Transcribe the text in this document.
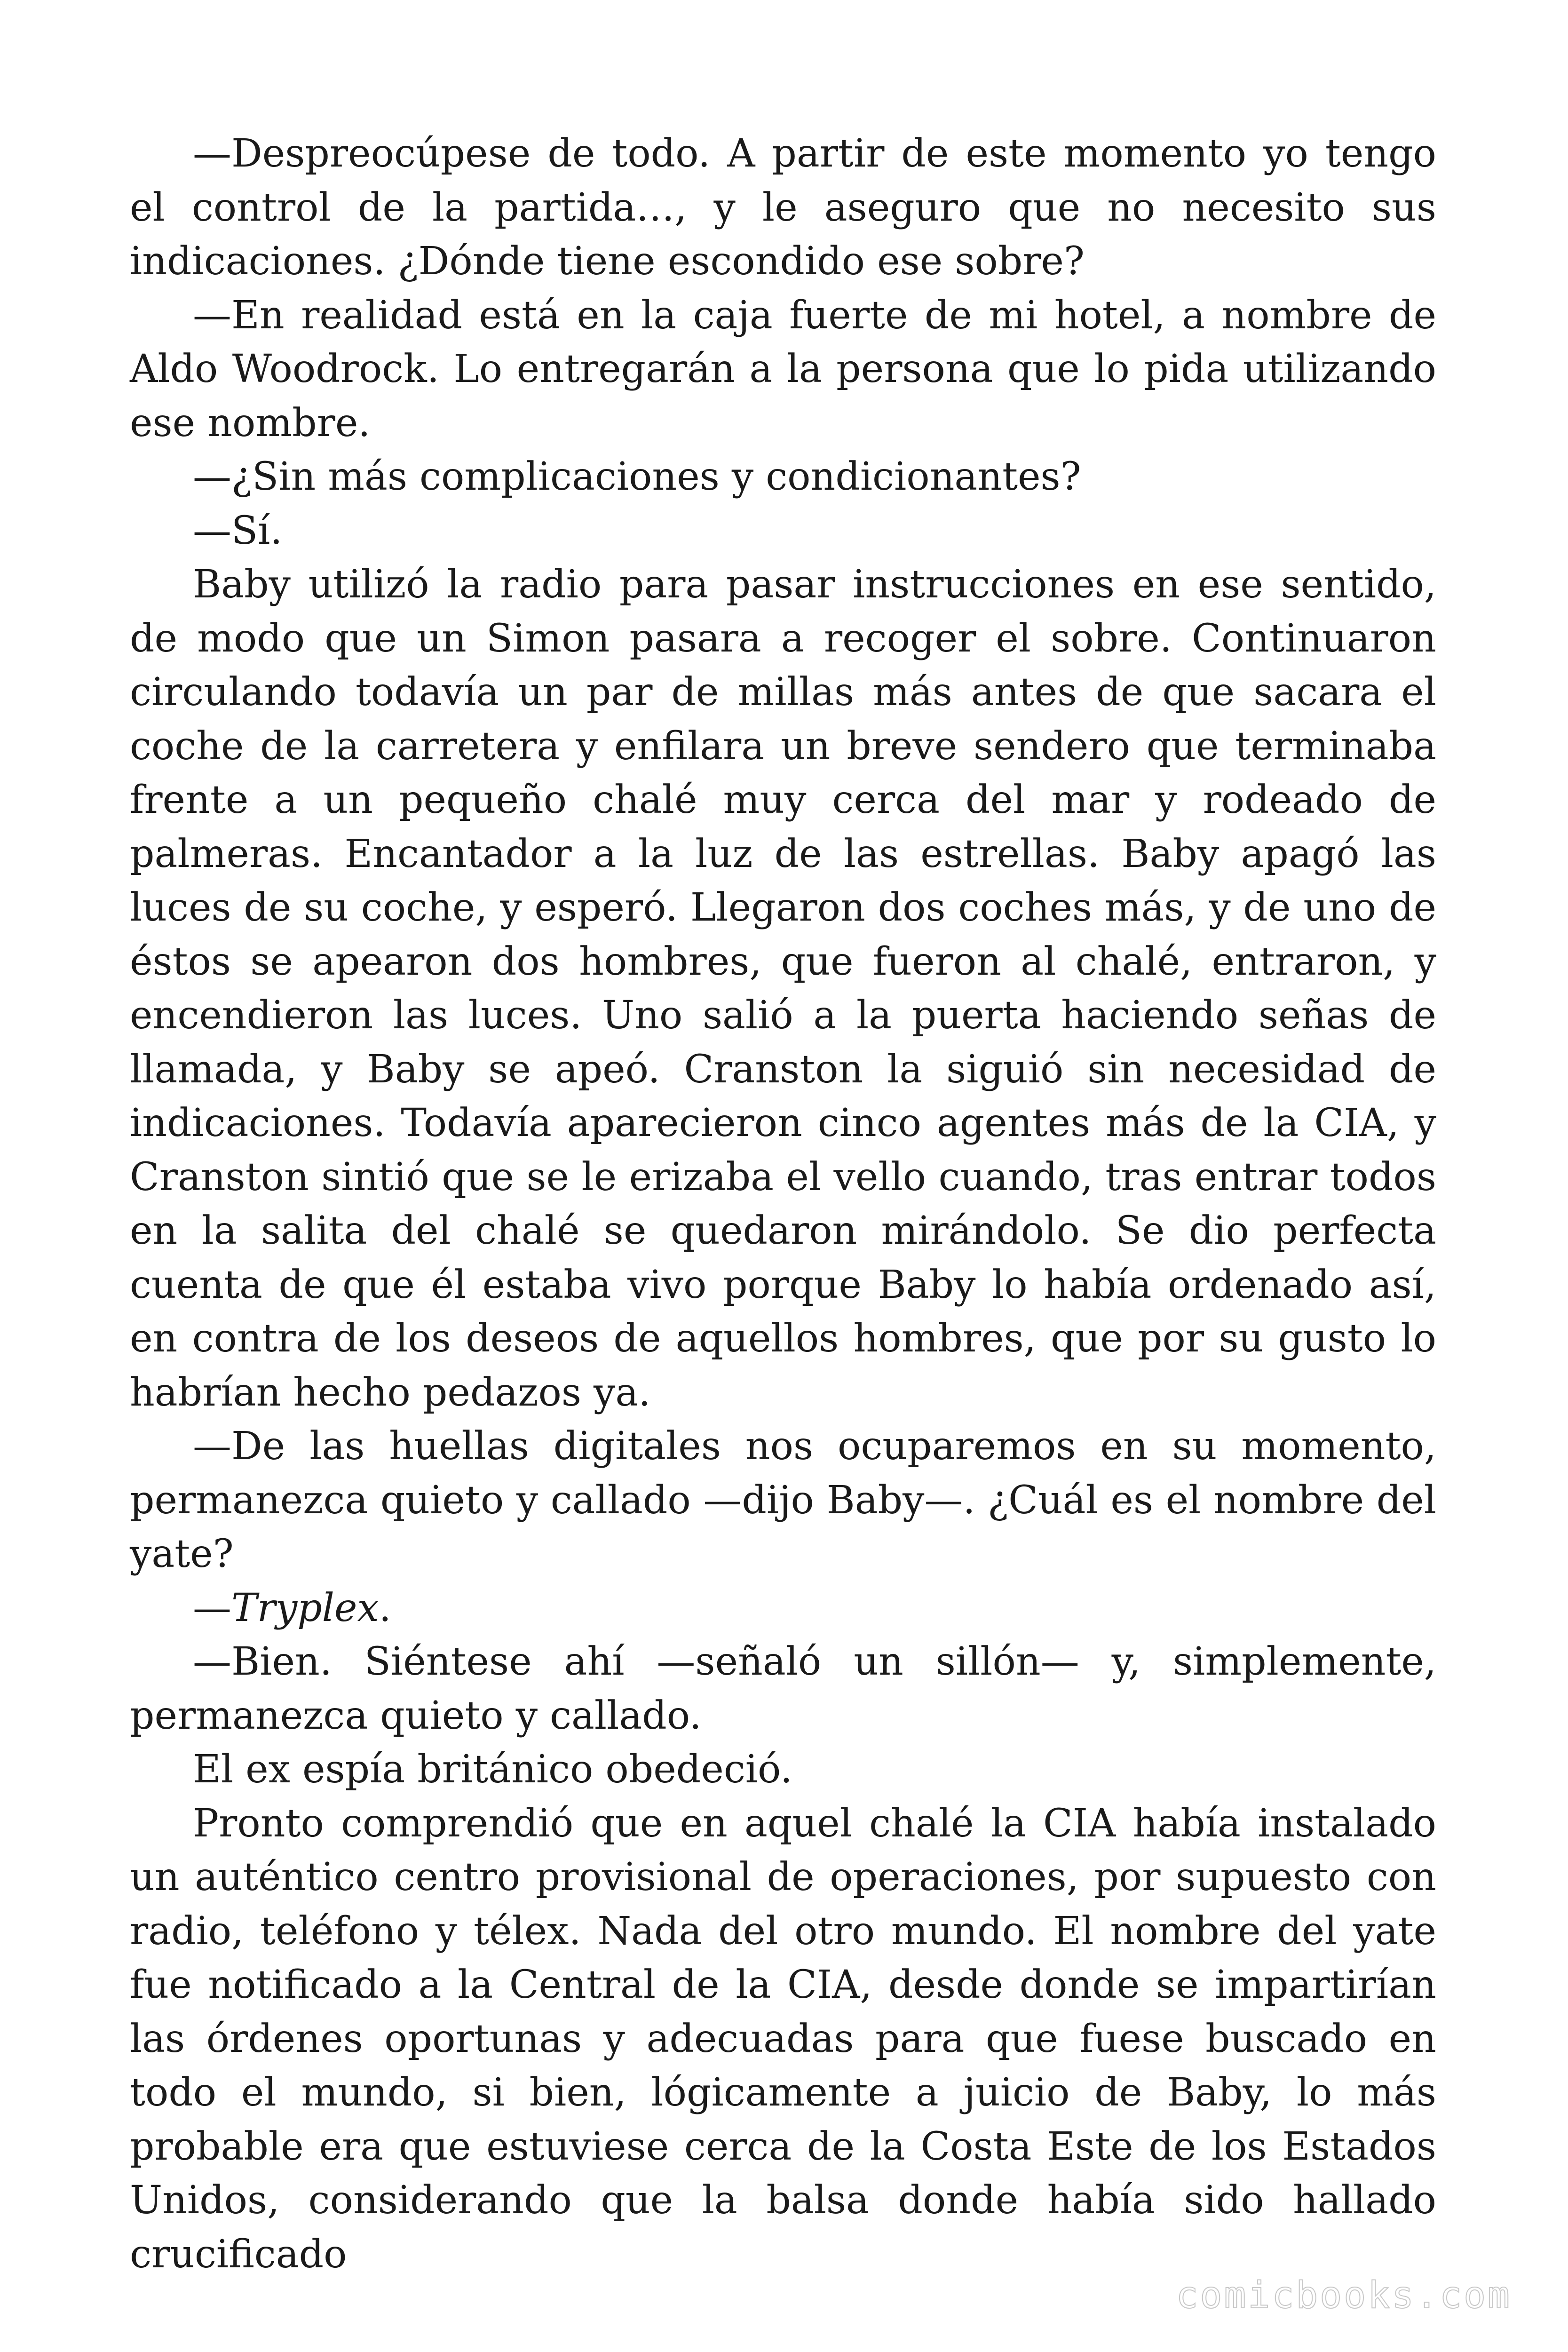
—Despreocúpese de todo. A partir de este momento yo tengo el control de la partida…, y le aseguro que no necesito sus indicaciones. ¿Dónde tiene escondido ese sobre?

—En realidad está en la caja fuerte de mi hotel, a nombre de Aldo Woodrock. Lo entregarán a la persona que lo pida utilizando ese nombre.

—¿Sin más complicaciones y condicionantes?

—Sí.

Baby utilizó la radio para pasar instrucciones en ese sentido, de modo que un Simon pasara a recoger el sobre. Continuaron circulando todavía un par de millas más antes de que sacara el coche de la carretera y enfilara un breve sendero que terminaba frente a un pequeño chalé muy cerca del mar y rodeado de palmeras. Encantador a la luz de las estrellas. Baby apagó las luces de su coche, y esperó. Llegaron dos coches más, y de uno de éstos se apearon dos hombres, que fueron al chalé, entraron, y encendieron las luces. Uno salió a la puerta haciendo señas de llamada, y Baby se apeó. Cranston la siguió sin necesidad de indicaciones. Todavía aparecieron cinco agentes más de la CIA, y Cranston sintió que se le erizaba el vello cuando, tras entrar todos en la salita del chalé se quedaron mirándolo. Se dio perfecta cuenta de que él estaba vivo porque Baby lo había ordenado así, en contra de los deseos de aquellos hombres, que por su gusto lo habrían hecho pedazos ya.

—De las huellas digitales nos ocuparemos en su momento, permanezca quieto y callado —dijo Baby—. ¿Cuál es el nombre del yate?

—Tryplex.

—Bien. Siéntese ahí —señaló un sillón— y, simplemente, permanezca quieto y callado.

El ex espía británico obedeció.

Pronto comprendió que en aquel chalé la CIA había instalado un auténtico centro provisional de operaciones, por supuesto con radio, teléfono y télex. Nada del otro mundo. El nombre del yate fue notificado a la Central de la CIA, desde donde se impartirían las órdenes oportunas y adecuadas para que fuese buscado en todo el mundo, si bien, lógicamente a juicio de Baby, lo más probable era que estuviese cerca de la Costa Este de los Estados Unidos, considerando que la balsa donde había sido hallado crucificado

comicbooks.com
